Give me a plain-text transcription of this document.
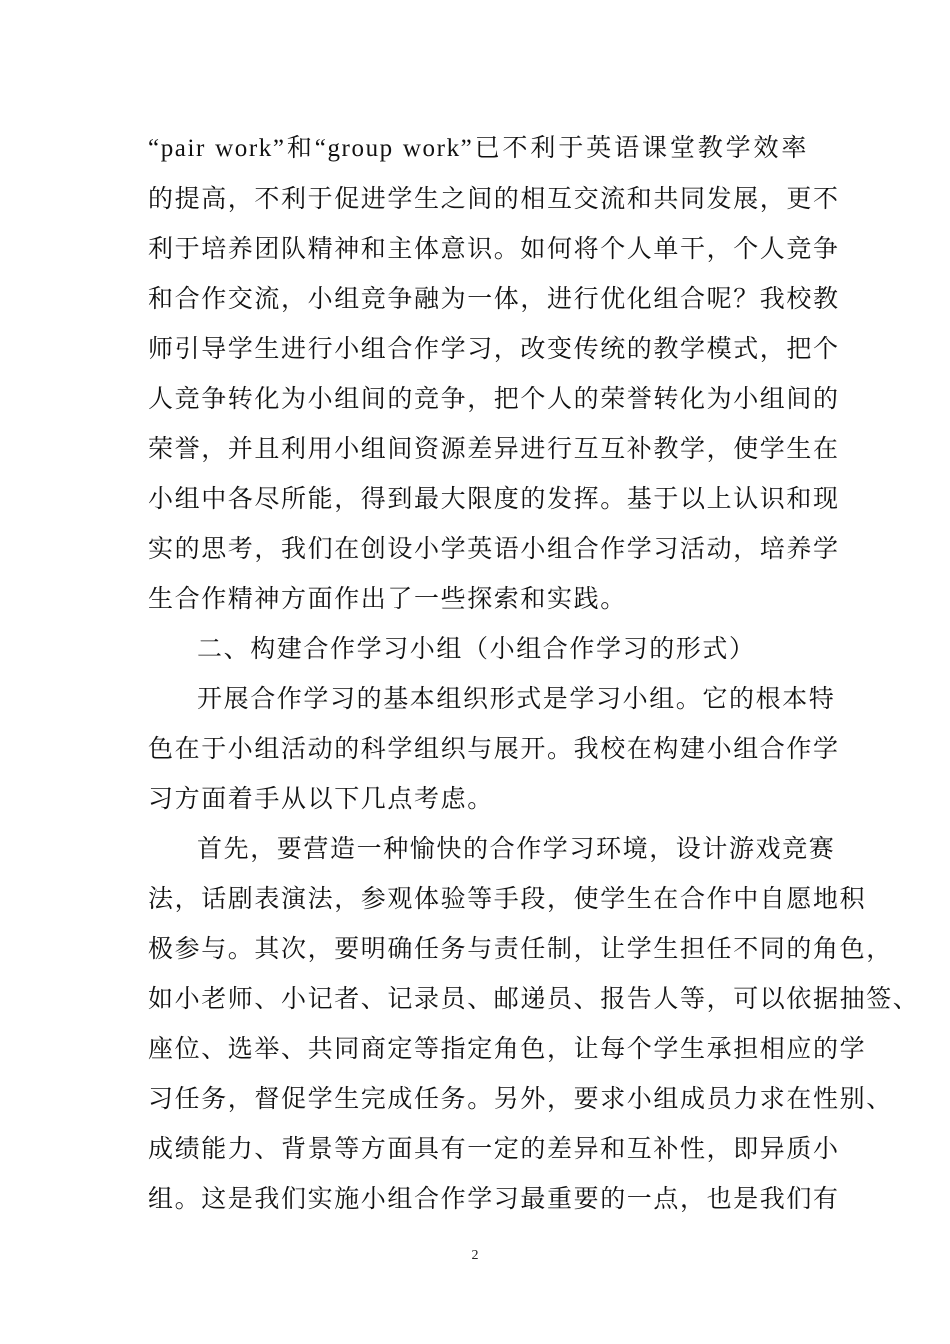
“pair work”和“group work”已不利于英语课堂教学效率
的提高，不利于促进学生之间的相互交流和共同发展，更不
利于培养团队精神和主体意识。如何将个人单干，个人竞争
和合作交流，小组竞争融为一体，进行优化组合呢？我校教
师引导学生进行小组合作学习，改变传统的教学模式，把个
人竞争转化为小组间的竞争，把个人的荣誉转化为小组间的
荣誉，并且利用小组间资源差异进行互互补教学，使学生在
小组中各尽所能，得到最大限度的发挥。基于以上认识和现
实的思考，我们在创设小学英语小组合作学习活动，培养学
生合作精神方面作出了一些探索和实践。
二、构建合作学习小组（小组合作学习的形式）
开展合作学习的基本组织形式是学习小组。它的根本特
色在于小组活动的科学组织与展开。我校在构建小组合作学
习方面着手从以下几点考虑。
首先，要营造一种愉快的合作学习环境，设计游戏竞赛
法，话剧表演法，参观体验等手段，使学生在合作中自愿地积
极参与。其次，要明确任务与责任制，让学生担任不同的角色，
如小老师、小记者、记录员、邮递员、报告人等，可以依据抽签、
座位、选举、共同商定等指定角色，让每个学生承担相应的学
习任务，督促学生完成任务。另外，要求小组成员力求在性别、
成绩能力、背景等方面具有一定的差异和互补性，即异质小
组。这是我们实施小组合作学习最重要的一点，也是我们有
2
